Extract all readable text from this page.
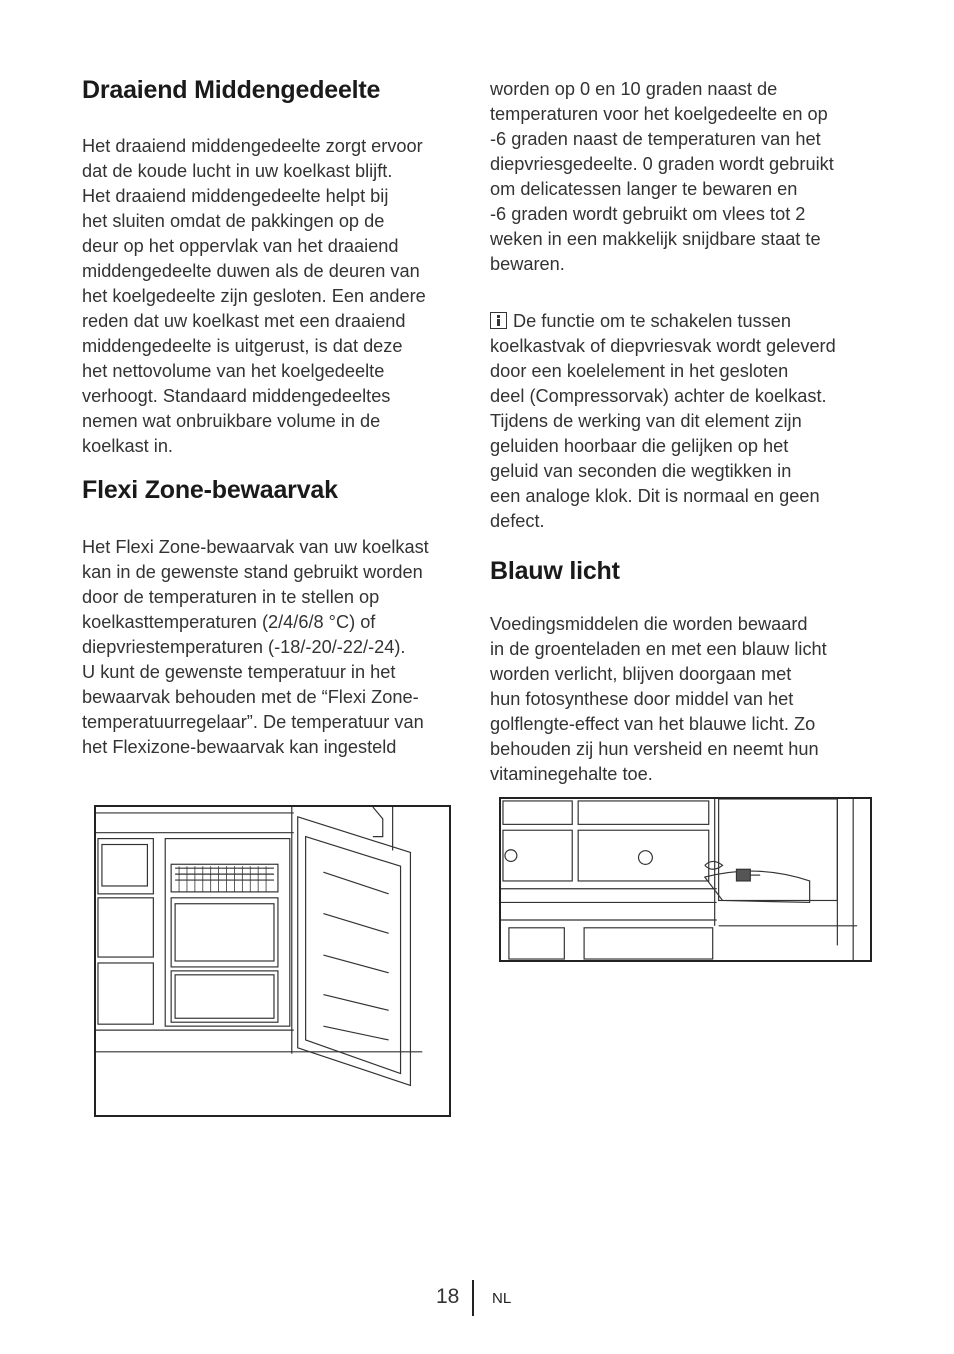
Draaiend Middengedeelte
Het draaiend middengedeelte zorgt ervoor
dat de koude lucht in uw koelkast blijft.
Het draaiend middengedeelte helpt bij
het sluiten omdat de pakkingen op de
deur op het oppervlak van het draaiend
middengedeelte duwen als de deuren van
het koelgedeelte zijn gesloten. Een andere
reden dat uw koelkast met een draaiend
middengedeelte is uitgerust, is dat deze
het nettovolume van het koelgedeelte
verhoogt. Standaard middengedeeltes
nemen wat onbruikbare volume in de
koelkast in.
Flexi Zone-bewaarvak
Het Flexi Zone-bewaarvak van uw koelkast
kan in de gewenste stand gebruikt worden
door de temperaturen in te stellen op
koelkasttemperaturen (2/4/6/8 °C) of
diepvriestemperaturen (-18/-20/-22/-24).
U kunt de gewenste temperatuur in het
bewaarvak behouden met de “Flexi Zone-
temperatuurregelaar”. De temperatuur van
het Flexizone-bewaarvak kan ingesteld
worden op 0 en 10 graden naast de
temperaturen voor het koelgedeelte en op
-6 graden naast de temperaturen van het
diepvriesgedeelte. 0 graden wordt gebruikt
om delicatessen langer te bewaren en
-6 graden wordt gebruikt om vlees tot 2
weken in een makkelijk snijdbare staat te
bewaren.
De functie om te schakelen tussen
koelkastvak of diepvriesvak wordt geleverd
door een koelelement in het gesloten
deel (Compressorvak) achter de koelkast.
Tijdens de werking van dit element zijn
geluiden hoorbaar die gelijken op het
geluid van seconden die wegtikken in
een analoge klok. Dit is normaal en geen
defect.
Blauw licht
Voedingsmiddelen die worden bewaard
in de groenteladen en met een blauw licht
worden verlicht, blijven doorgaan met
hun fotosynthese door middel van het
golflengte-effect van het blauwe licht. Zo
behouden zij hun versheid en neemt hun
vitaminegehalte toe.
18 NL
